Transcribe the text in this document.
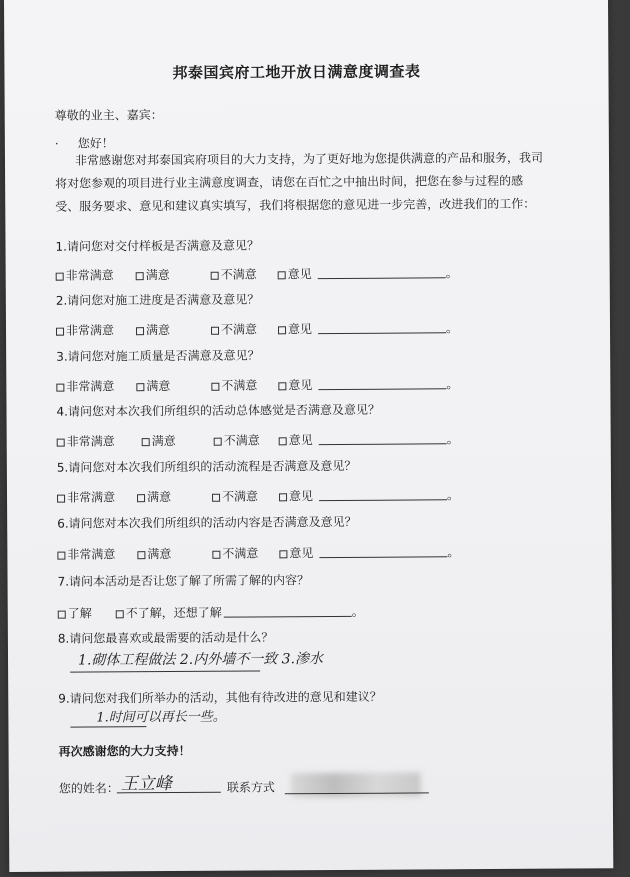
邦泰国宾府工地开放日满意度调查表
尊敬的业主、嘉宾：
·     您好！
非常感谢您对邦泰国宾府项目的大力支持，为了更好地为您提供满意的产品和服务，我司将对您参观的项目进行业主满意度调查，请您在百忙之中抽出时间，把您在参与过程的感受、服务要求、意见和建议真实填写，我们将根据您的意见进一步完善，改进我们的工作：
1.请问您对交付样板是否满意及意见？
非常满意	满意	不满意	意见	。
2.请问您对施工进度是否满意及意见？
非常满意	满意	不满意	意见	。
3.请问您对施工质量是否满意及意见？
非常满意	满意	不满意	意见	。
4.请问您对本次我们所组织的活动总体感觉是否满意及意见？
非常满意	满意	不满意	意见	。
5.请问您对本次我们所组织的活动流程是否满意及意见？
非常满意	满意	不满意	意见	。
6.请问您对本次我们所组织的活动内容是否满意及意见？
非常满意	满意	不满意	意见	。
7.请问本活动是否让您了解了所需了解的内容？
了解	不了解，还想了解	。
8.请问您最喜欢或最需要的活动是什么？
1.砌体工程做法 2.内外墙不一致 3.渗水
9.请问您对我们所举办的活动，其他有待改进的意见和建议？
1.时间可以再长一些。
再次感谢您的大力支持！
您的姓名： 王立峰	联系方式
